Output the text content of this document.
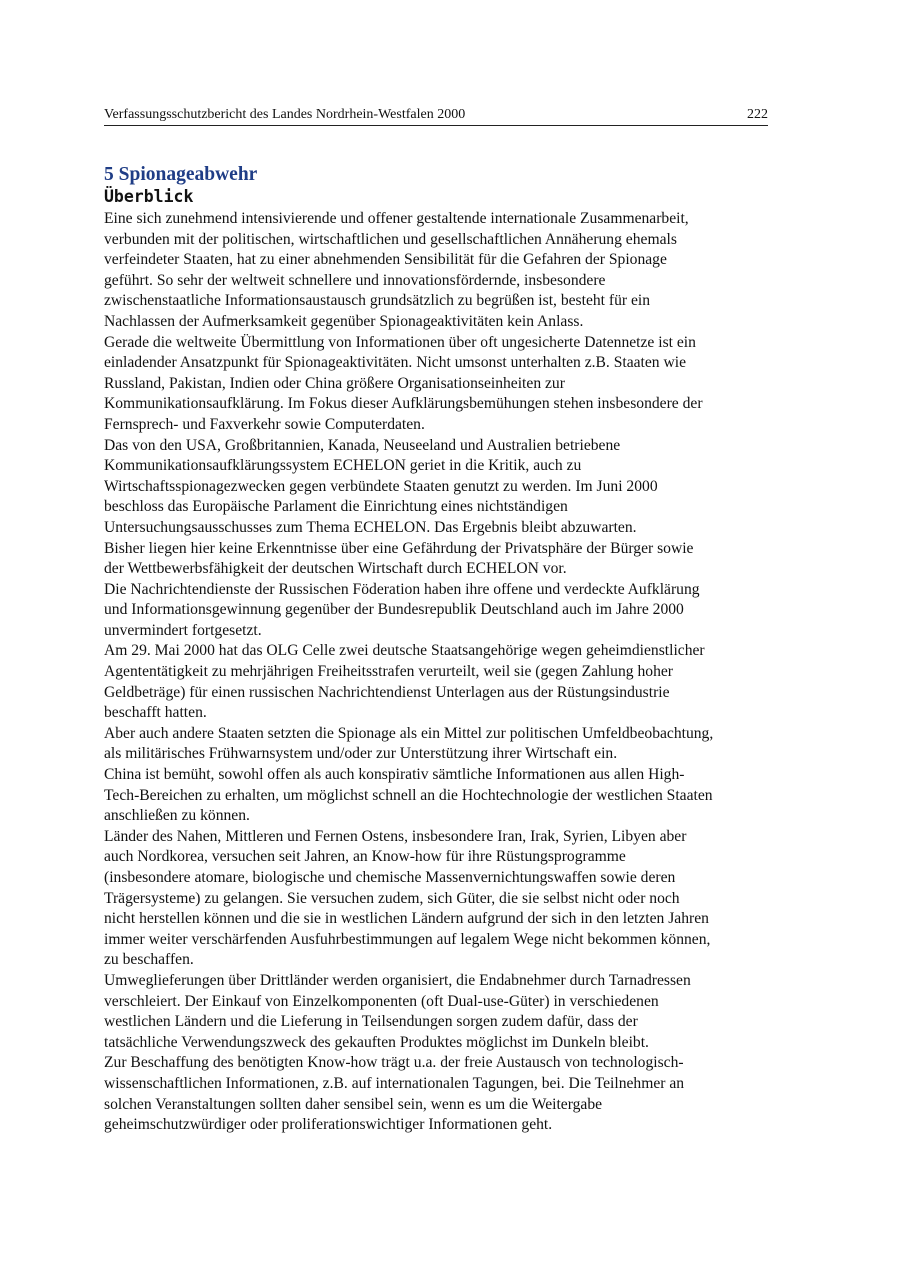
Verfassungsschutzbericht des Landes Nordrhein-Westfalen 2000	222
5 Spionageabwehr
Überblick

Eine sich zunehmend intensivierende und offener gestaltende internationale Zusammenarbeit,
verbunden mit der politischen, wirtschaftlichen und gesellschaftlichen Annäherung ehemals
verfeindeter Staaten, hat zu einer abnehmenden Sensibilität für die Gefahren der Spionage
geführt. So sehr der weltweit schnellere und innovationsfördernde, insbesondere
zwischenstaatliche Informationsaustausch grundsätzlich zu begrüßen ist, besteht für ein
Nachlassen der Aufmerksamkeit gegenüber Spionageaktivitäten kein Anlass.

Gerade die weltweite Übermittlung von Informationen über oft ungesicherte Datennetze ist ein
einladender Ansatzpunkt für Spionageaktivitäten. Nicht umsonst unterhalten z.B. Staaten wie
Russland, Pakistan, Indien oder China größere Organisationseinheiten zur
Kommunikationsaufklärung. Im Fokus dieser Aufklärungsbemühungen stehen insbesondere der
Fernsprech- und Faxverkehr sowie Computerdaten.

Das von den USA, Großbritannien, Kanada, Neuseeland und Australien betriebene
Kommunikationsaufklärungssystem ECHELON geriet in die Kritik, auch zu
Wirtschaftsspionagezwecken gegen verbündete Staaten genutzt zu werden. Im Juni 2000
beschloss das Europäische Parlament die Einrichtung eines nichtständigen
Untersuchungsausschusses zum Thema ECHELON. Das Ergebnis bleibt abzuwarten.

Bisher liegen hier keine Erkenntnisse über eine Gefährdung der Privatsphäre der Bürger sowie
der Wettbewerbsfähigkeit der deutschen Wirtschaft durch ECHELON vor.

Die Nachrichtendienste der Russischen Föderation haben ihre offene und verdeckte Aufklärung
und Informationsgewinnung gegenüber der Bundesrepublik Deutschland auch im Jahre 2000
unvermindert fortgesetzt.

Am 29. Mai 2000 hat das OLG Celle zwei deutsche Staatsangehörige wegen geheimdienstlicher
Agententätigkeit zu mehrjährigen Freiheitsstrafen verurteilt, weil sie (gegen Zahlung hoher
Geldbeträge) für einen russischen Nachrichtendienst Unterlagen aus der Rüstungsindustrie
beschafft hatten.

Aber auch andere Staaten setzten die Spionage als ein Mittel zur politischen Umfeldbeobachtung,
als militärisches Frühwarnsystem und/oder zur Unterstützung ihrer Wirtschaft ein.

China ist bemüht, sowohl offen als auch konspirativ sämtliche Informationen aus allen High-
Tech-Bereichen zu erhalten, um möglichst schnell an die Hochtechnologie der westlichen Staaten
anschließen zu können.

Länder des Nahen, Mittleren und Fernen Ostens, insbesondere Iran, Irak, Syrien, Libyen aber
auch Nordkorea, versuchen seit Jahren, an Know-how für ihre Rüstungsprogramme
(insbesondere atomare, biologische und chemische Massenvernichtungswaffen sowie deren
Trägersysteme) zu gelangen. Sie versuchen zudem, sich Güter, die sie selbst nicht oder noch
nicht herstellen können und die sie in westlichen Ländern aufgrund der sich in den letzten Jahren
immer weiter verschärfenden Ausfuhrbestimmungen auf legalem Wege nicht bekommen können,
zu beschaffen.

Umweglieferungen über Drittländer werden organisiert, die Endabnehmer durch Tarnadressen
verschleiert. Der Einkauf von Einzelkomponenten (oft Dual-use-Güter) in verschiedenen
westlichen Ländern und die Lieferung in Teilsendungen sorgen zudem dafür, dass der
tatsächliche Verwendungszweck des gekauften Produktes möglichst im Dunkeln bleibt.

Zur Beschaffung des benötigten Know-how trägt u.a. der freie Austausch von technologisch-
wissenschaftlichen Informationen, z.B. auf internationalen Tagungen, bei. Die Teilnehmer an
solchen Veranstaltungen sollten daher sensibel sein, wenn es um die Weitergabe
geheimschutzwürdiger oder proliferationswichtiger Informationen geht.
